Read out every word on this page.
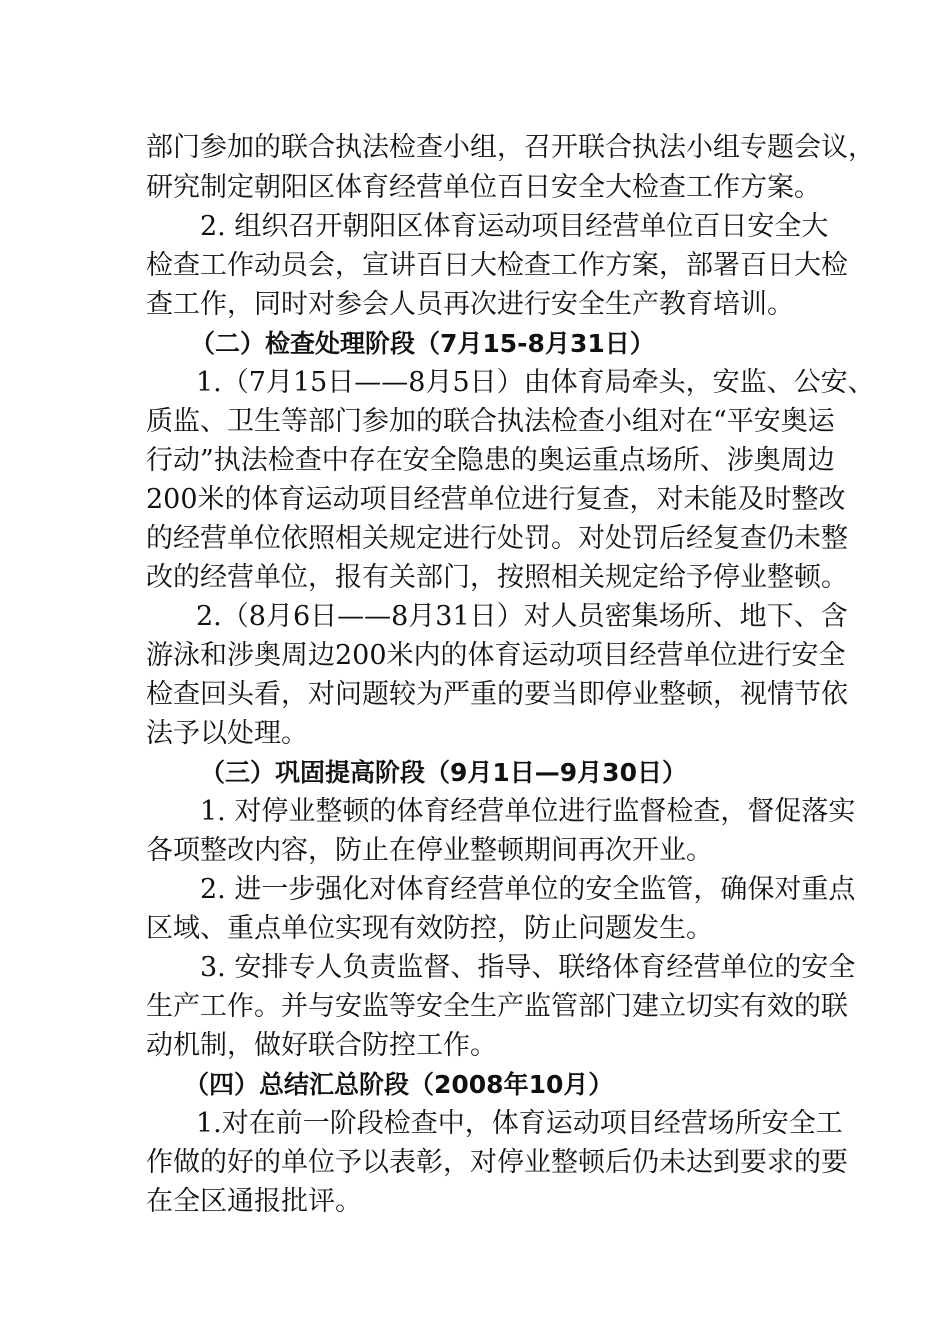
部门参加的联合执法检查小组，召开联合执法小组专题会议，
研究制定朝阳区体育经营单位百日安全大检查工作方案。
2. 组织召开朝阳区体育运动项目经营单位百日安全大
检查工作动员会，宣讲百日大检查工作方案，部署百日大检
查工作，同时对参会人员再次进行安全生产教育培训。
（二）检查处理阶段（7月15-8月31日）
1.（7月15日——8月5日）由体育局牵头，安监、公安、
质监、卫生等部门参加的联合执法检查小组对在“平安奥运
行动”执法检查中存在安全隐患的奥运重点场所、涉奥周边
200米的体育运动项目经营单位进行复查，对未能及时整改
的经营单位依照相关规定进行处罚。对处罚后经复查仍未整
改的经营单位，报有关部门，按照相关规定给予停业整顿。
2.（8月6日——8月31日）对人员密集场所、地下、含
游泳和涉奥周边200米内的体育运动项目经营单位进行安全
检查回头看，对问题较为严重的要当即停业整顿，视情节依
法予以处理。
（三）巩固提高阶段（9月1日—9月30日）
1. 对停业整顿的体育经营单位进行监督检查，督促落实
各项整改内容，防止在停业整顿期间再次开业。
2. 进一步强化对体育经营单位的安全监管，确保对重点
区域、重点单位实现有效防控，防止问题发生。
3. 安排专人负责监督、指导、联络体育经营单位的安全
生产工作。并与安监等安全生产监管部门建立切实有效的联
动机制，做好联合防控工作。
（四）总结汇总阶段（2008年10月）
1.对在前一阶段检查中，体育运动项目经营场所安全工
作做的好的单位予以表彰，对停业整顿后仍未达到要求的要
在全区通报批评。
